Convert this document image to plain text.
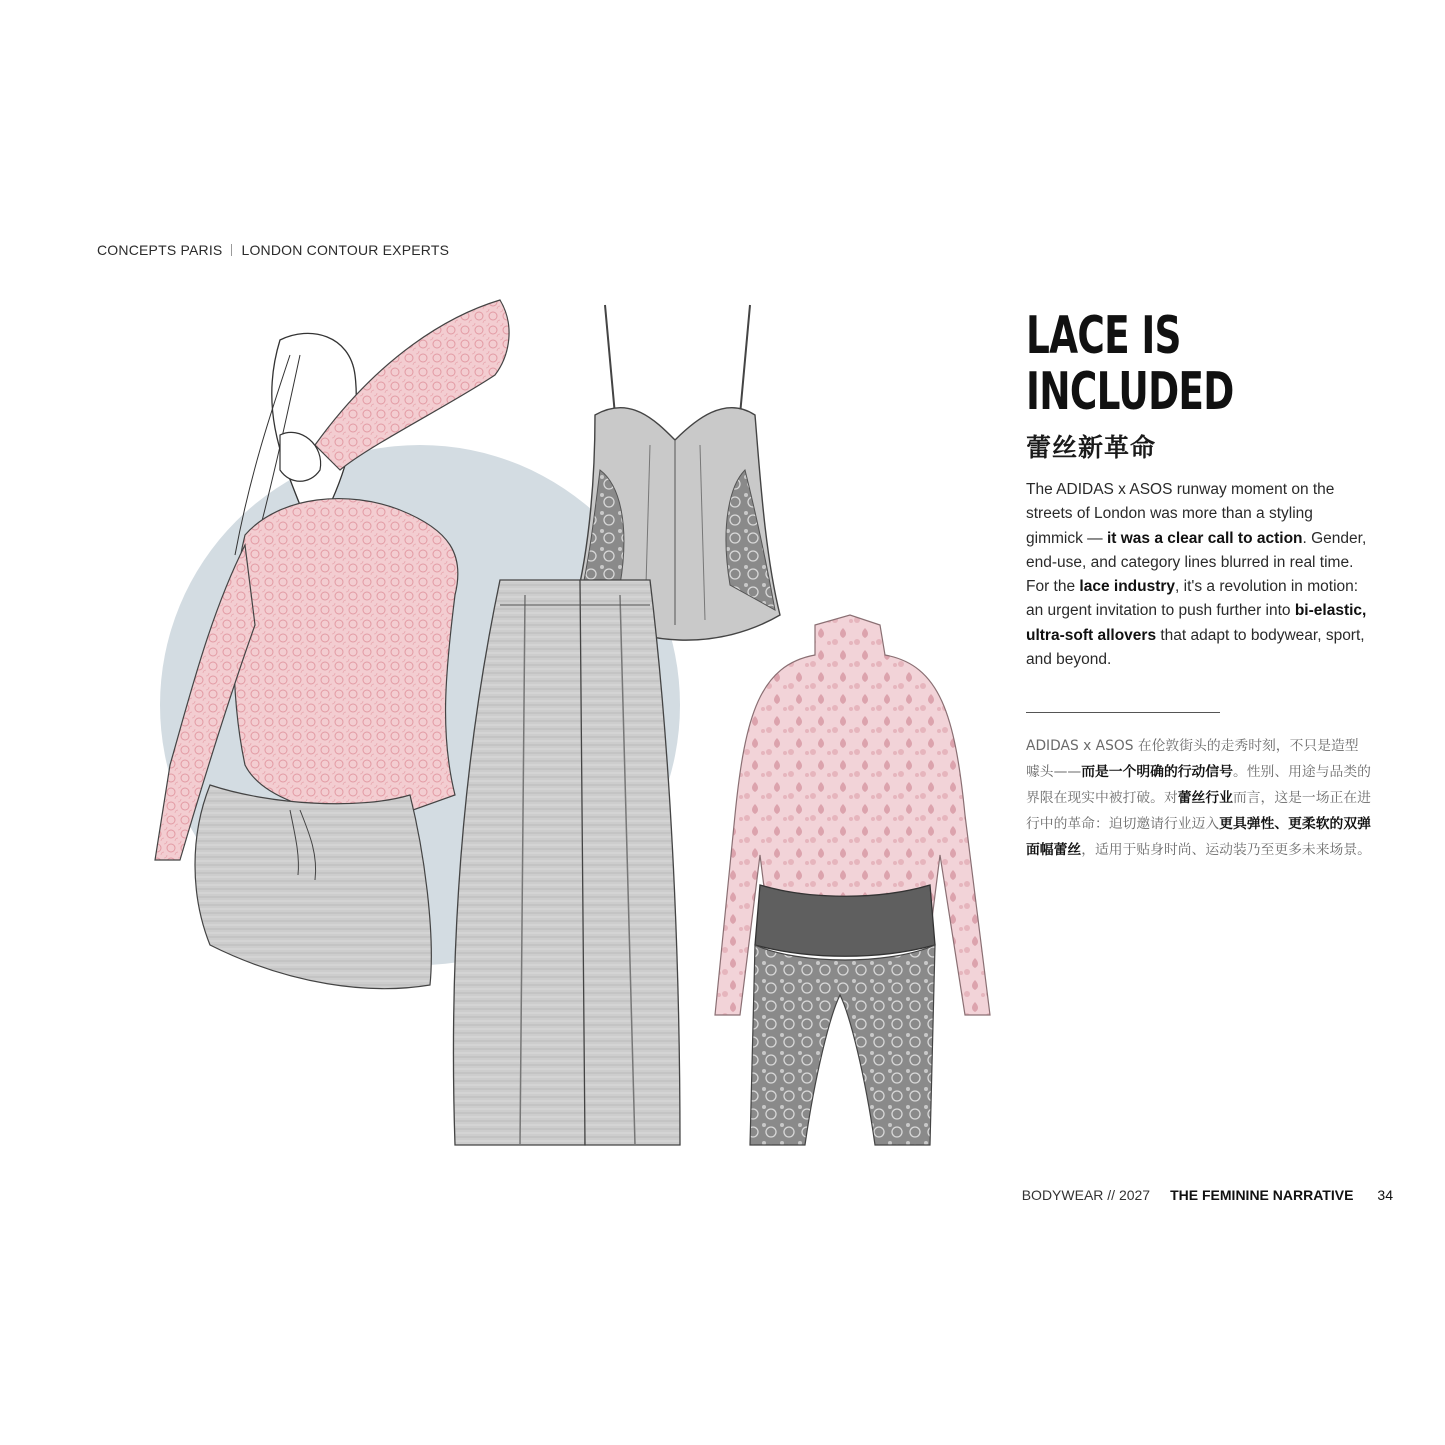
CONCEPTS PARIS LONDON CONTOUR EXPERTS
LACE IS
INCLUDED
蕾丝新革命

The ADIDAS x ASOS runway moment on the streets of London was more than a styling gimmick — it was a clear call to action. Gender, end-use, and category lines blurred in real time. For the lace industry, it's a revolution in motion: an urgent invitation to push further into bi-elastic, ultra-soft allovers that adapt to bodywear, sport, and beyond.

ADIDAS x ASOS 在伦敦街头的走秀时刻，不只是造型噱头——而是一个明确的行动信号。性别、用途与品类的界限在现实中被打破。对蕾丝行业而言，这是一场正在进行中的革命：迫切邀请行业迈入更具弹性、更柔软的双弹面幅蕾丝，适用于贴身时尚、运动装乃至更多未来场景。

BODYWEAR // 2027 THE FEMININE NARRATIVE 34
